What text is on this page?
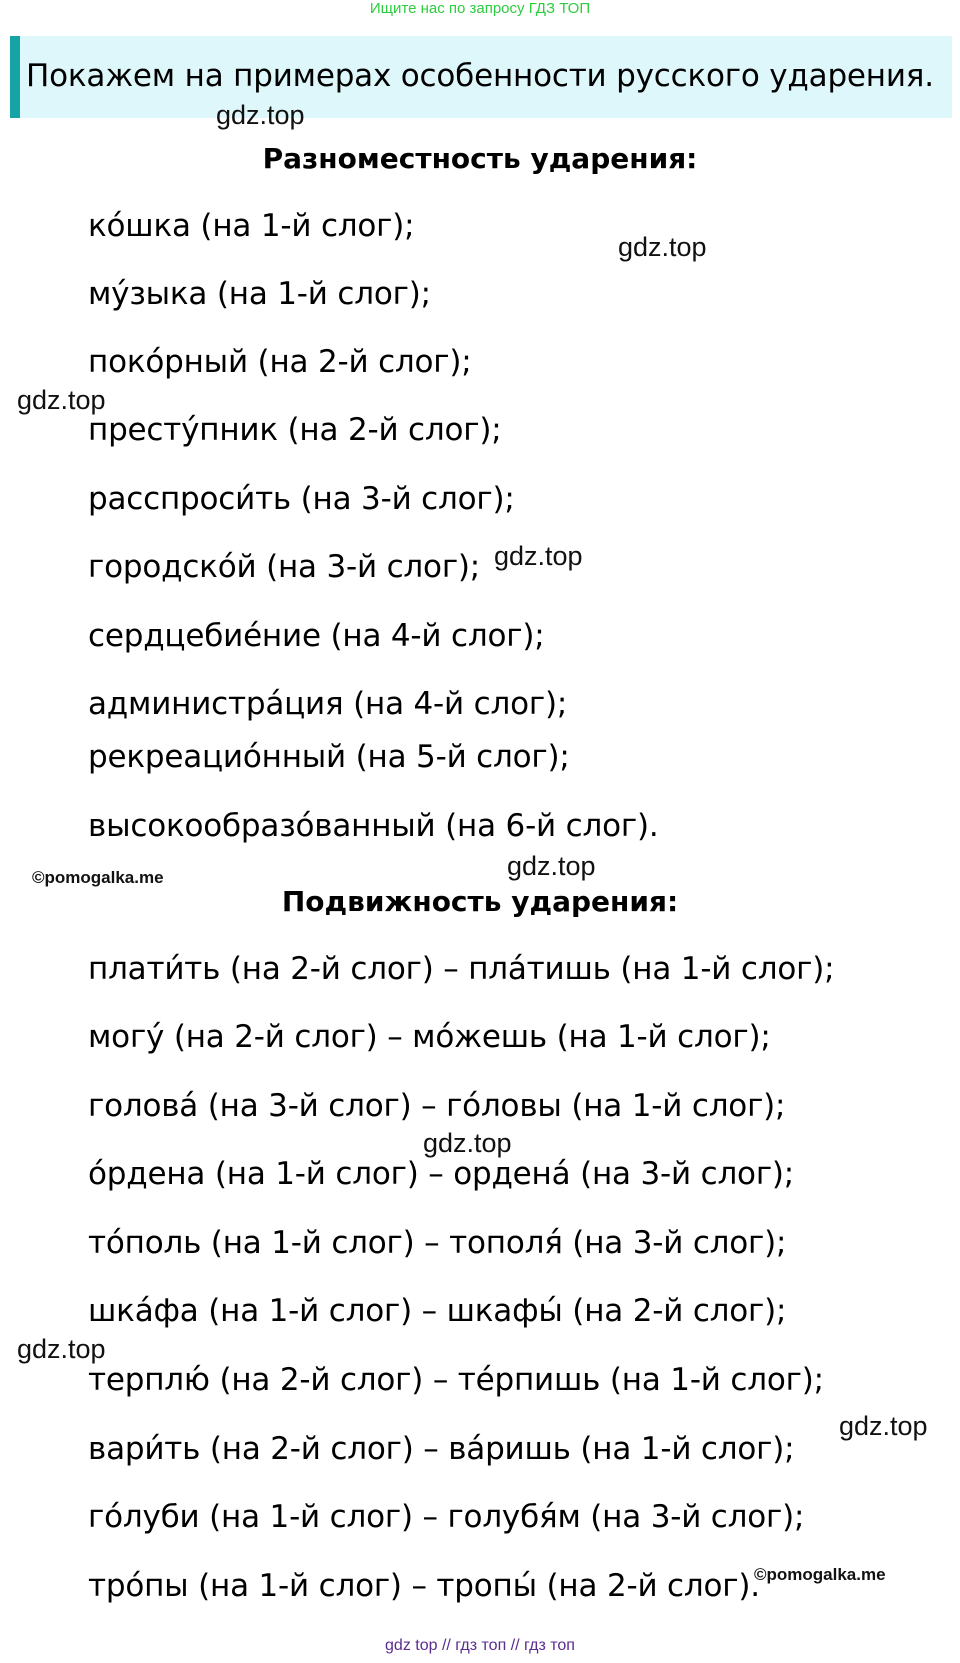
Ищите нас по запросу ГДЗ ТОП
Покажем на примерах особенности русского ударения.
gdz.top
Разноместность ударения:
ко́шка (на 1-й слог);
gdz.top
му́зыка (на 1-й слог);
поко́рный (на 2-й слог);
gdz.top
престу́пник (на 2-й слог);
расспроси́ть (на 3-й слог);
gdz.top
городско́й (на 3-й слог);
сердцебие́ние (на 4-й слог);
администра́ция (на 4-й слог);
рекреацио́нный (на 5-й слог);
высокообразо́ванный (на 6-й слог).
©pomogalka.me	gdz.top
Подвижность ударения:
плати́ть (на 2-й слог) – пла́тишь (на 1-й слог);
могу́ (на 2-й слог) – мо́жешь (на 1-й слог);
голова́ (на 3-й слог) – го́ловы (на 1-й слог);
gdz.top
о́рдена (на 1-й слог) – ордена́ (на 3-й слог);
то́поль (на 1-й слог) – тополя́ (на 3-й слог);
шка́фа (на 1-й слог) – шкафы́ (на 2-й слог);
gdz.top
терплю́ (на 2-й слог) – те́рпишь (на 1-й слог);
gdz.top
вари́ть (на 2-й слог) – ва́ришь (на 1-й слог);
го́луби (на 1-й слог) – голубя́м (на 3-й слог);
©pomogalka.me
тро́пы (на 1-й слог) – тропы́ (на 2-й слог).
gdz top // гдз топ // гдз топ
